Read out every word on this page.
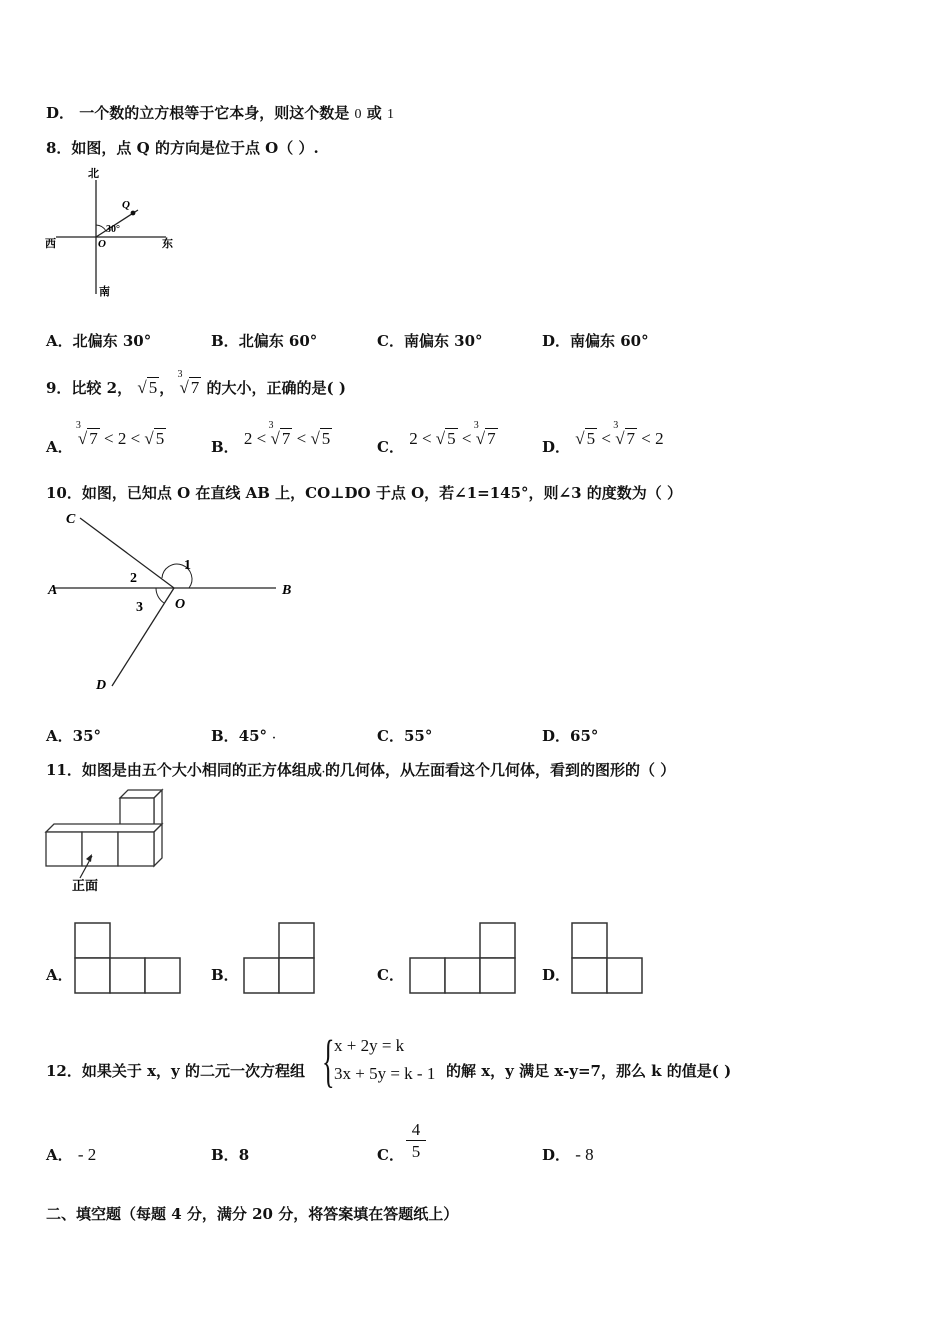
D． 一个数的立方根等于它本身，则这个数是 0 或 1
8．如图，点 Q 的方向是位于点 O（ ）.
北
南
西	东
Q
O
30°
A．北偏东 30°	B．北偏东 60°	C．南偏东 30°	D．南偏东 60°
9．比较 2， √ 5 ，
3
√ 7 的大小，正确的是( )
A．
3
√ 7 < 2 < √ 5	B． 2 <
3
√ 7 < √ 5	C． 2 < √ 5 <
3
√ 7	D． √ 5 <
3
√ 7 < 2
10．如图，已知点 O 在直线 AB 上，CO⊥DO 于点 O，若∠1=145°，则∠3 的度数为（ ）
A	B
C
D
O
1
2
3
A．35°	B．45° ·	C．55°	D．65°
11．如图是由五个大小相同的正方体组成·的几何体，从左面看这个几何体，看到的图形的（ ）
正面
A．	B．	C．	D．
12．如果关于 x，y 的二元一次方程组 { x + 2y = k
3x + 5y = k - 1 的解 x，y 满足 x-y=7，那么 k 的值是( )
A． - 2	B．8	C． $\frac{4}{5}$	D． - 8
二、填空题（每题 4 分，满分 20 分，将答案填在答题纸上）
